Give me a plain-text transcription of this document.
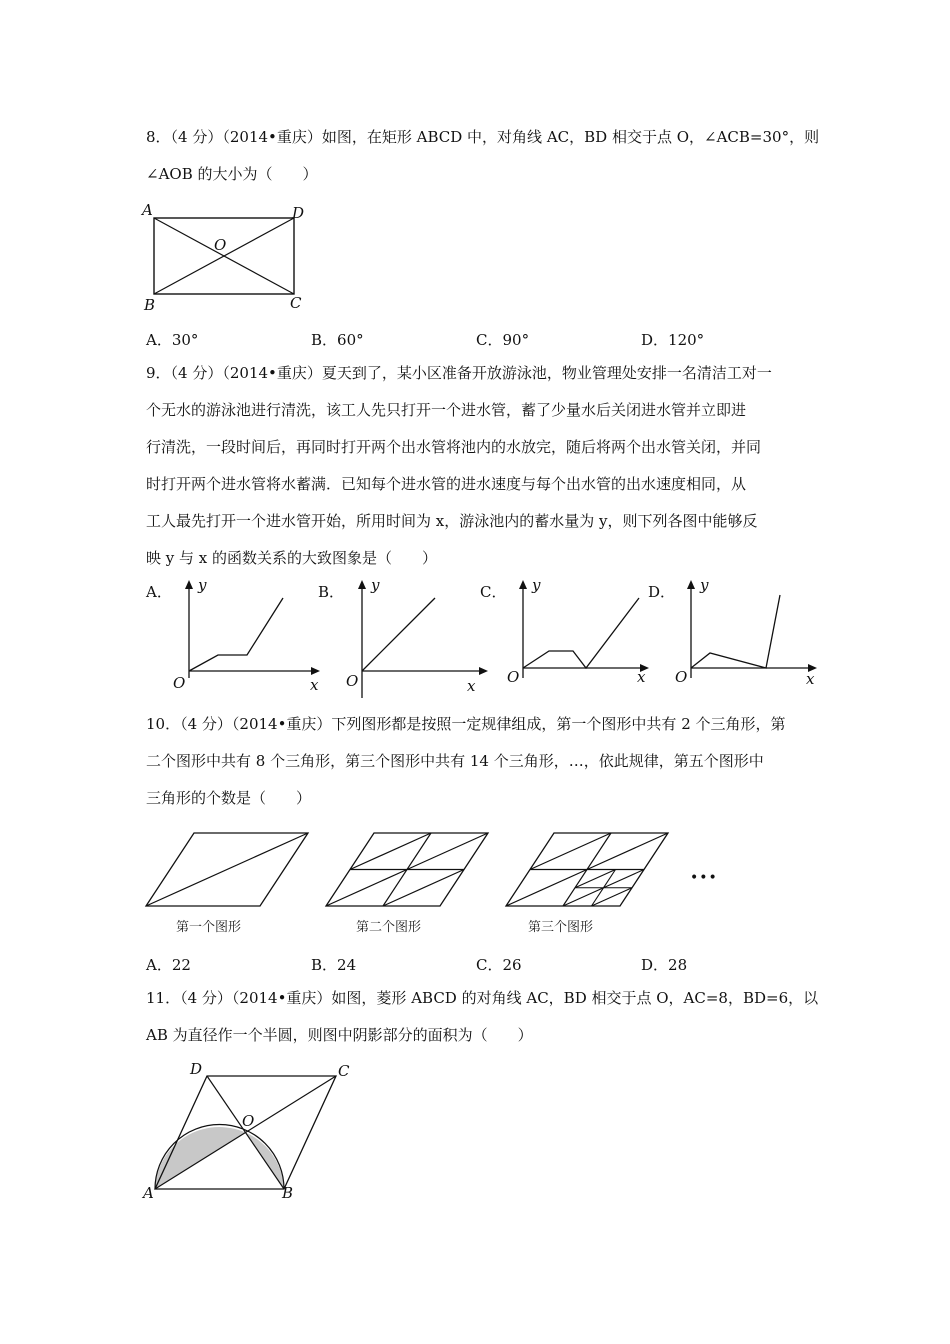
8．（4 分）（2014•重庆）如图，在矩形 ABCD 中，对角线 AC，BD 相交于点 O，∠ACB=30°，则
∠AOB 的大小为（　　）
A	D
O
B	C
A．30°	B．60°	C．90°	D．120°
9．（4 分）（2014•重庆）夏天到了，某小区准备开放游泳池，物业管理处安排一名清洁工对一
个无水的游泳池进行清洗，该工人先只打开一个进水管，蓄了少量水后关闭进水管并立即进
行清洗，一段时间后，再同时打开两个出水管将池内的水放完，随后将两个出水管关闭，并同
时打开两个进水管将水蓄满．已知每个进水管的进水速度与每个出水管的出水速度相同，从
工人最先打开一个进水管开始，所用时间为 x，游泳池内的蓄水量为 y，则下列各图中能够反
映 y 与 x 的函数关系的大致图象是（　　）
A．	B．	C．	D．
y
x
O
y
x
O
y
x
O
y
x
O
10．（4 分）（2014•重庆）下列图形都是按照一定规律组成，第一个图形中共有 2 个三角形，第
二个图形中共有 8 个三角形，第三个图形中共有 14 个三角形，…，依此规律，第五个图形中
三角形的个数是（　　）
第一个图形	第二个图形	第三个图形
•••
A．22	B．24	C．26	D．28
11．（4 分）（2014•重庆）如图，菱形 ABCD 的对角线 AC，BD 相交于点 O，AC=8，BD=6，以
AB 为直径作一个半圆，则图中阴影部分的面积为（　　）
D	C
O
A	B
